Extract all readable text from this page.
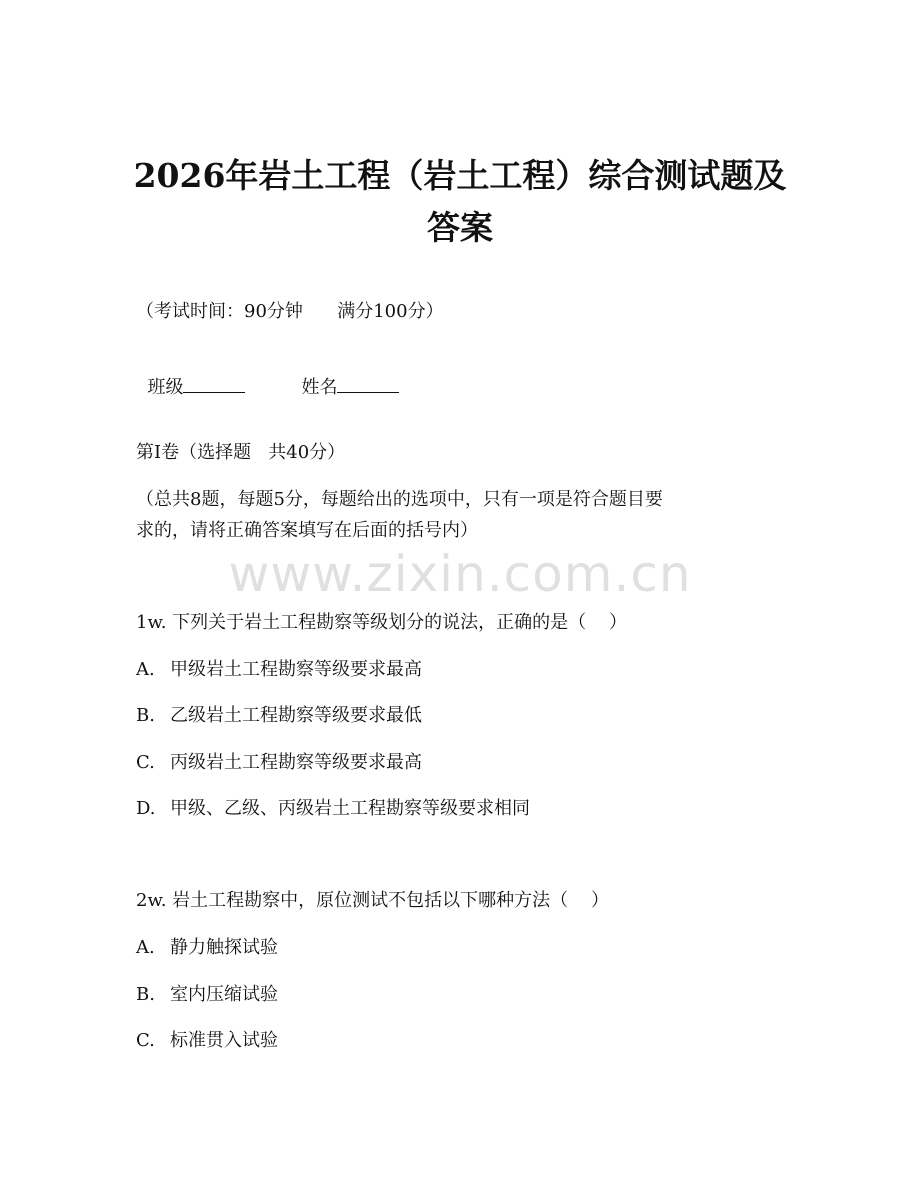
2026年岩土工程（岩土工程）综合测试题及
答案
（考试时间：90分钟      满分100分）

班级	姓名

第Ⅰ卷（选择题   共40分）
（总共8题，每题5分，每题给出的选项中，只有一项是符合题目要
求的，请将正确答案填写在后面的括号内）
www.zixin.com.cn
1w. 下列关于岩土工程勘察等级划分的说法，正确的是（    ）
A. 甲级岩土工程勘察等级要求最高
B. 乙级岩土工程勘察等级要求最低
C. 丙级岩土工程勘察等级要求最高
D. 甲级、乙级、丙级岩土工程勘察等级要求相同
2w. 岩土工程勘察中，原位测试不包括以下哪种方法（    ）
A. 静力触探试验
B. 室内压缩试验
C. 标准贯入试验
